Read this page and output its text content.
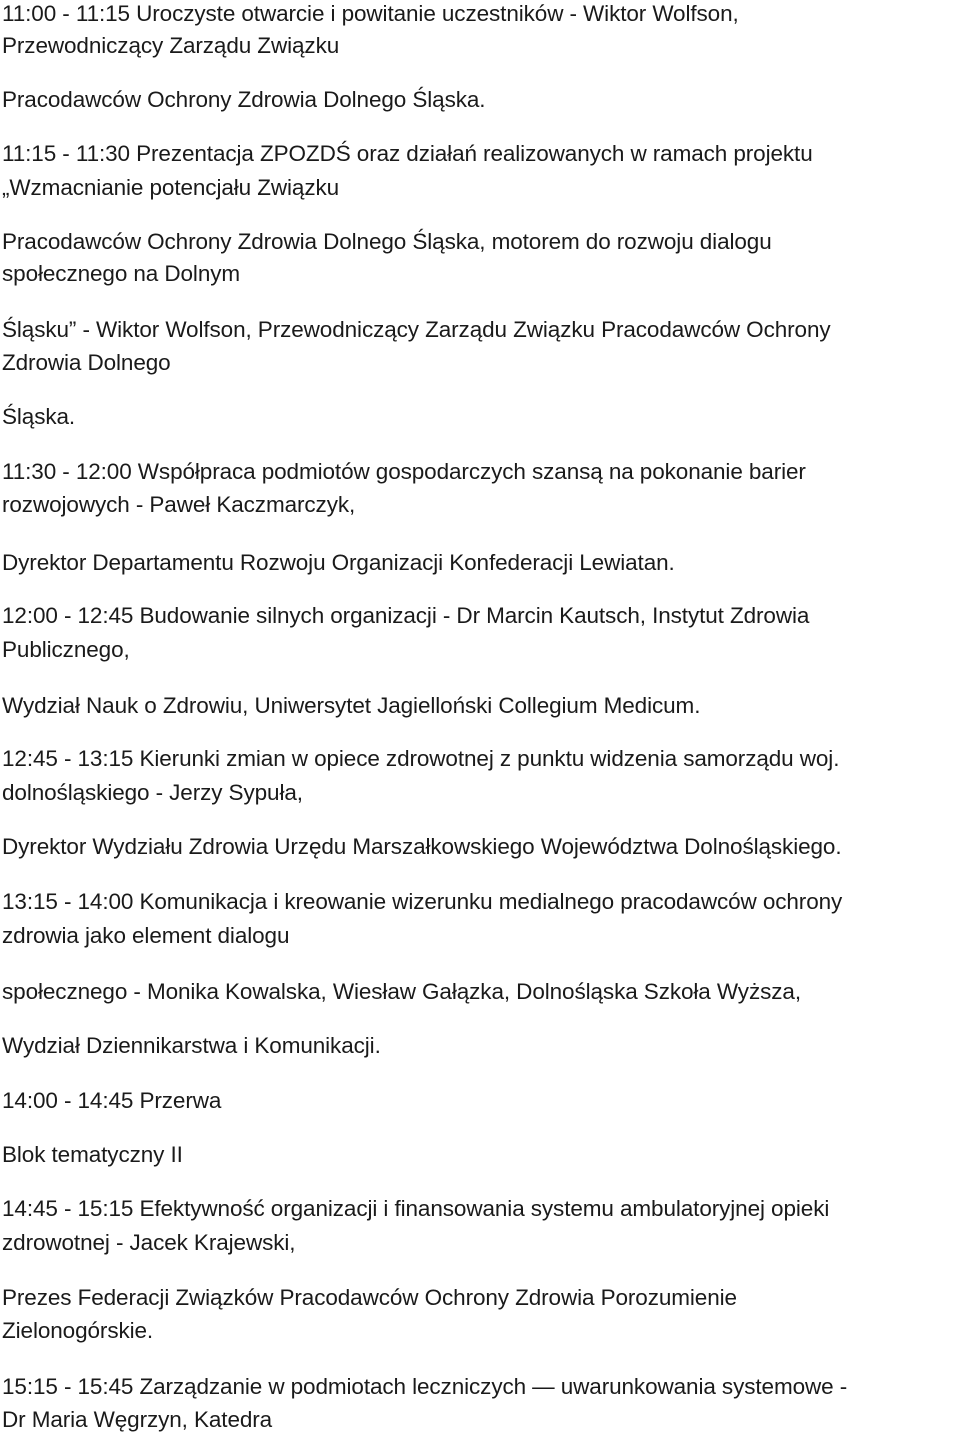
11:00 - 11:15 Uroczyste otwarcie i powitanie uczestników - Wiktor Wolfson,

Przewodniczący Zarządu Związku

Pracodawców Ochrony Zdrowia Dolnego Śląska.

11:15 - 11:30 Prezentacja ZPOZDŚ oraz działań realizowanych w ramach projektu

„Wzmacnianie potencjału Związku

Pracodawców Ochrony Zdrowia Dolnego Śląska, motorem do rozwoju dialogu

społecznego na Dolnym

Śląsku” - Wiktor Wolfson, Przewodniczący Zarządu Związku Pracodawców Ochrony

Zdrowia Dolnego

Śląska.

11:30 - 12:00 Współpraca podmiotów gospodarczych szansą na pokonanie barier

rozwojowych - Paweł Kaczmarczyk,

Dyrektor Departamentu Rozwoju Organizacji Konfederacji Lewiatan.

12:00 - 12:45 Budowanie silnych organizacji - Dr Marcin Kautsch, Instytut Zdrowia

Publicznego,

Wydział Nauk o Zdrowiu, Uniwersytet Jagielloński Collegium Medicum.

12:45 - 13:15 Kierunki zmian w opiece zdrowotnej z punktu widzenia samorządu woj.

dolnośląskiego - Jerzy Sypuła,

Dyrektor Wydziału Zdrowia Urzędu Marszałkowskiego Województwa Dolnośląskiego.

13:15 - 14:00 Komunikacja i kreowanie wizerunku medialnego pracodawców ochrony

zdrowia jako element dialogu

społecznego - Monika Kowalska, Wiesław Gałązka, Dolnośląska Szkoła Wyższa,

Wydział Dziennikarstwa i Komunikacji.

14:00 - 14:45 Przerwa

Blok tematyczny II

14:45 - 15:15 Efektywność organizacji i finansowania systemu ambulatoryjnej opieki

zdrowotnej - Jacek Krajewski,

Prezes Federacji Związków Pracodawców Ochrony Zdrowia Porozumienie

Zielonogórskie.

15:15 - 15:45 Zarządzanie w podmiotach leczniczych — uwarunkowania systemowe -

Dr Maria Węgrzyn, Katedra
